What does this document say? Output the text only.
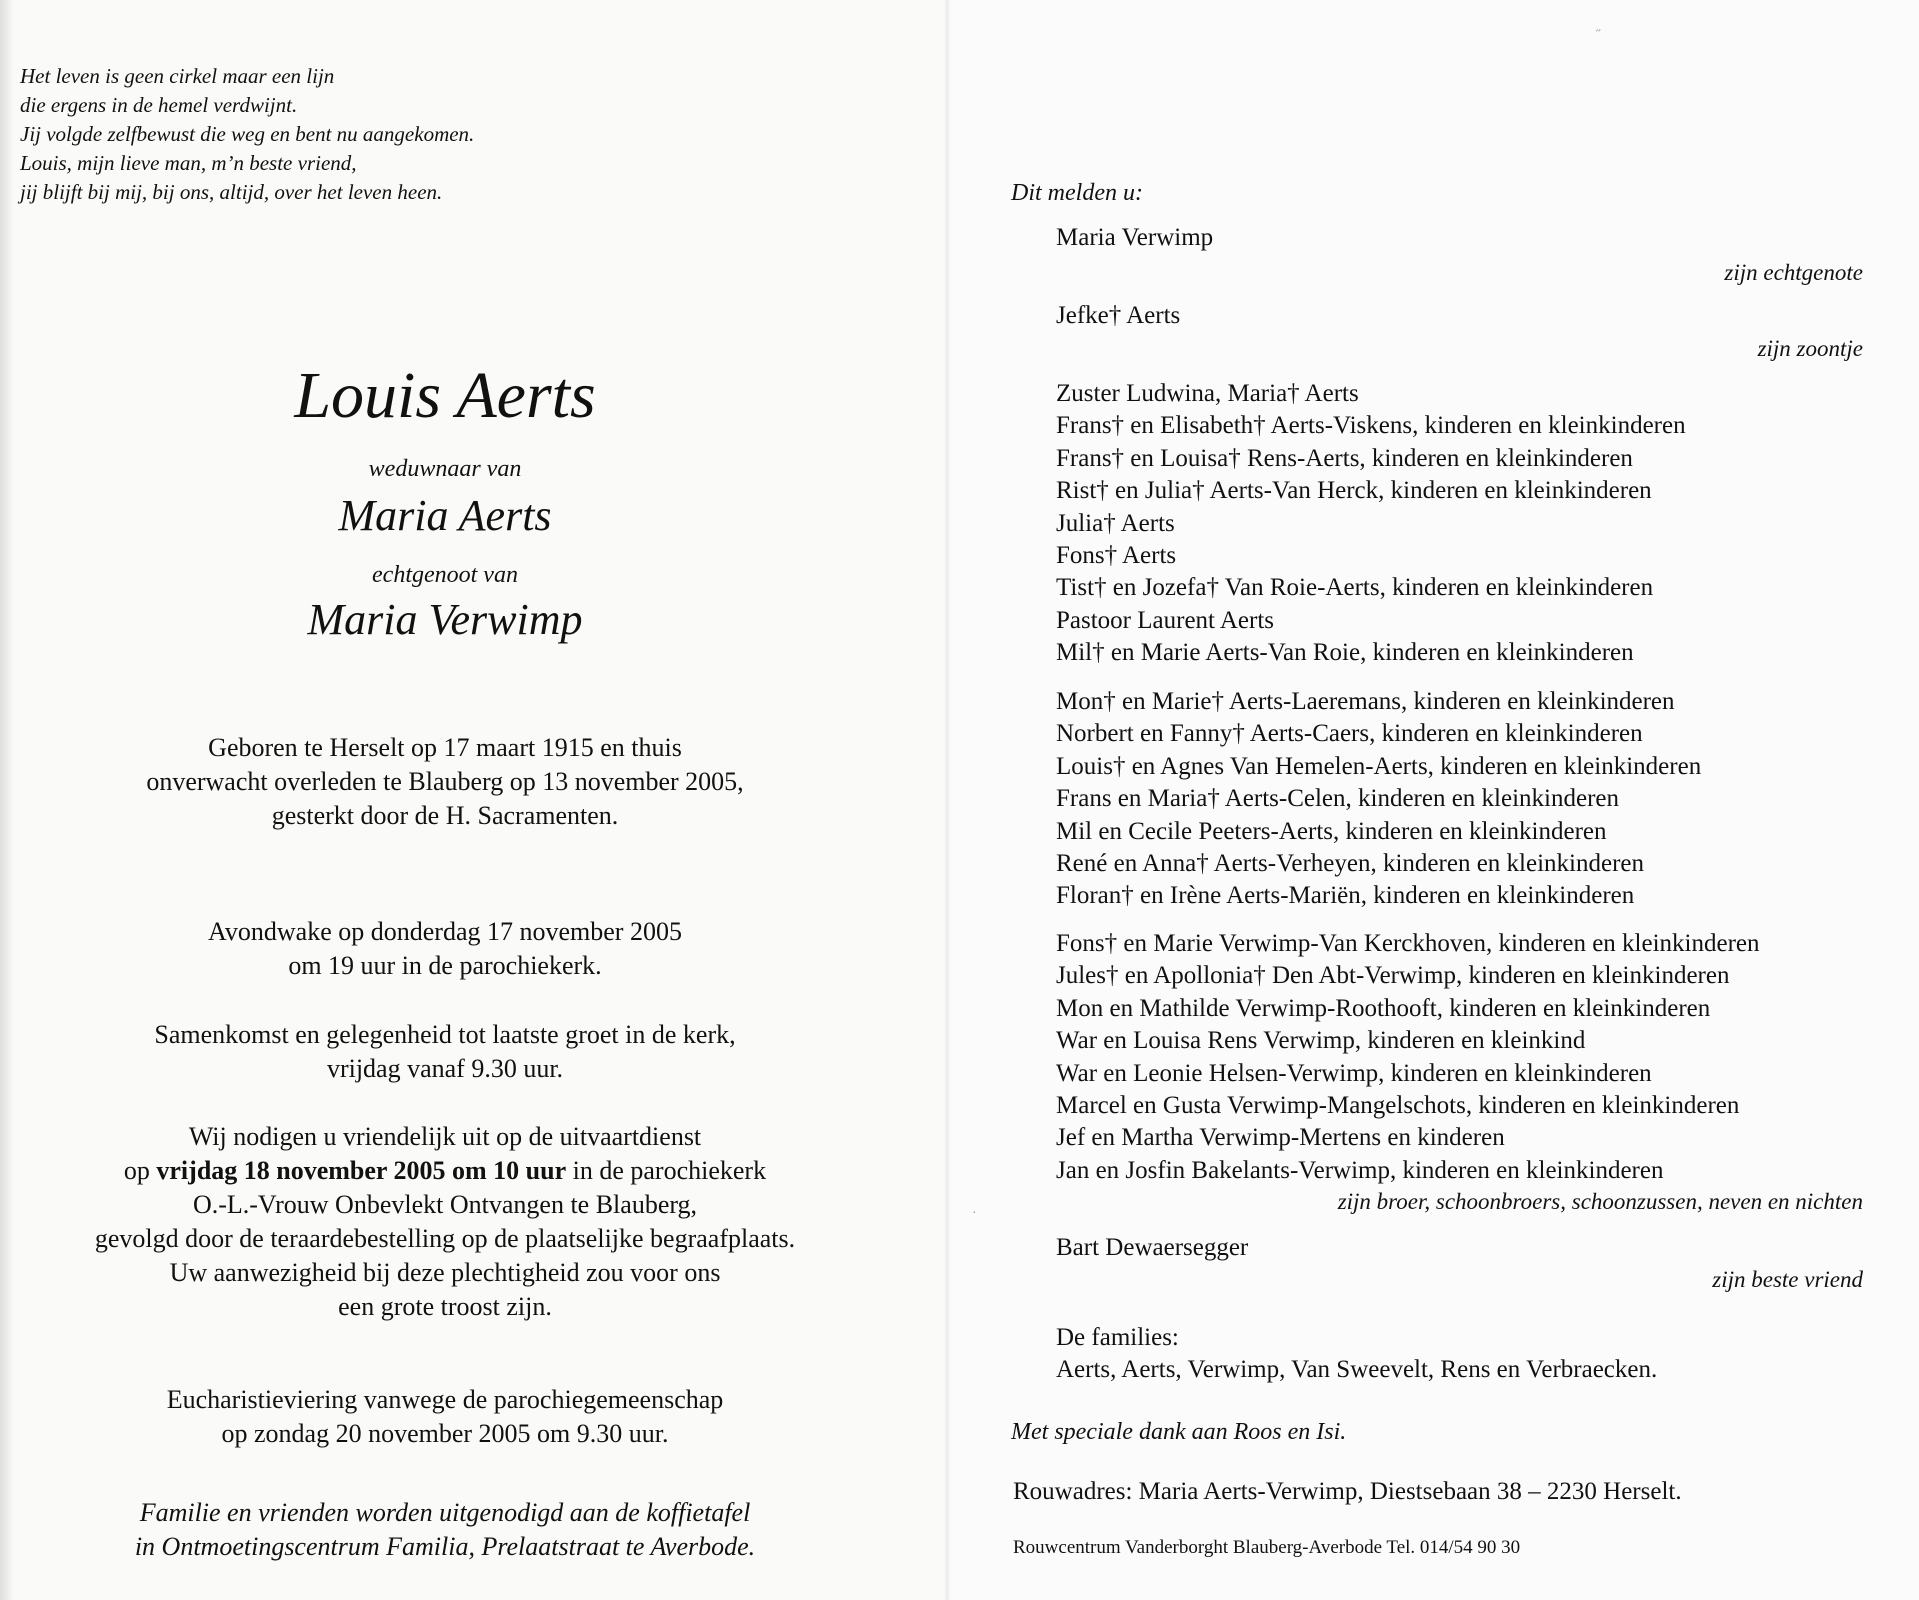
Het leven is geen cirkel maar een lijn
die ergens in de hemel verdwijnt.
Jij volgde zelfbewust die weg en bent nu aangekomen.
Louis, mijn lieve man, m’n beste vriend,
jij blijft bij mij, bij ons, altijd, over het leven heen.
Louis Aerts
weduwnaar van
Maria Aerts
echtgenoot van
Maria Verwimp
Geboren te Herselt op 17 maart 1915 en thuis
onverwacht overleden te Blauberg op 13 november 2005,
gesterkt door de H. Sacramenten.
Avondwake op donderdag 17 november 2005
om 19 uur in de parochiekerk.
Samenkomst en gelegenheid tot laatste groet in de kerk,
vrijdag vanaf 9.30 uur.
Wij nodigen u vriendelijk uit op de uitvaartdienst
op vrijdag 18 november 2005 om 10 uur in de parochiekerk
O.-L.-Vrouw Onbevlekt Ontvangen te Blauberg,
gevolgd door de teraardebestelling op de plaatselijke begraafplaats.
Uw aanwezigheid bij deze plechtigheid zou voor ons
een grote troost zijn.
Eucharistieviering vanwege de parochiegemeenschap
op zondag 20 november 2005 om 9.30 uur.
Familie en vrienden worden uitgenodigd aan de koffietafel
in Ontmoetingscentrum Familia, Prelaatstraat te Averbode.
Dit melden u:
Maria Verwimp
zijn echtgenote
Jefke† Aerts
zijn zoontje
Zuster Ludwina, Maria† Aerts
Frans† en Elisabeth† Aerts-Viskens, kinderen en kleinkinderen
Frans† en Louisa† Rens-Aerts, kinderen en kleinkinderen
Rist† en Julia† Aerts-Van Herck, kinderen en kleinkinderen
Julia† Aerts
Fons† Aerts
Tist† en Jozefa† Van Roie-Aerts, kinderen en kleinkinderen
Pastoor Laurent Aerts
Mil† en Marie Aerts-Van Roie, kinderen en kleinkinderen
Mon† en Marie† Aerts-Laeremans, kinderen en kleinkinderen
Norbert en Fanny† Aerts-Caers, kinderen en kleinkinderen
Louis† en Agnes Van Hemelen-Aerts, kinderen en kleinkinderen
Frans en Maria† Aerts-Celen, kinderen en kleinkinderen
Mil en Cecile Peeters-Aerts, kinderen en kleinkinderen
René en Anna† Aerts-Verheyen, kinderen en kleinkinderen
Floran† en Irène Aerts-Mariën, kinderen en kleinkinderen
Fons† en Marie Verwimp-Van Kerckhoven, kinderen en kleinkinderen
Jules† en Apollonia† Den Abt-Verwimp, kinderen en kleinkinderen
Mon en Mathilde Verwimp-Roothooft, kinderen en kleinkinderen
War en Louisa Rens Verwimp, kinderen en kleinkind
War en Leonie Helsen-Verwimp, kinderen en kleinkinderen
Marcel en Gusta Verwimp-Mangelschots, kinderen en kleinkinderen
Jef en Martha Verwimp-Mertens en kinderen
Jan en Josfin Bakelants-Verwimp, kinderen en kleinkinderen
zijn broer, schoonbroers, schoonzussen, neven en nichten
Bart Dewaersegger
zijn beste vriend
De families:
Aerts, Aerts, Verwimp, Van Sweevelt, Rens en Verbraecken.
Met speciale dank aan Roos en Isi.
Rouwadres: Maria Aerts-Verwimp, Diestsebaan 38 – 2230 Herselt.
Rouwcentrum Vanderborght Blauberg-Averbode Tel. 014/54 90 30
·
˝
